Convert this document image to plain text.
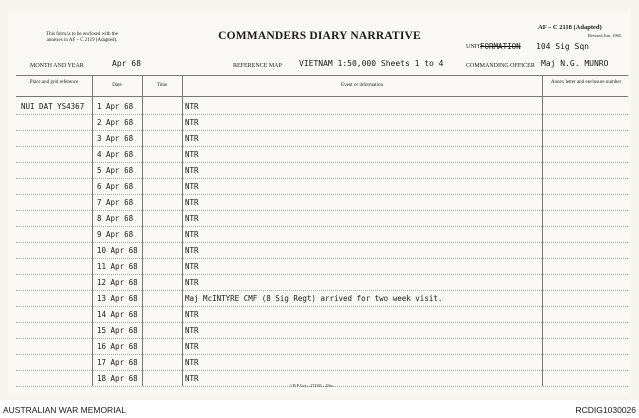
This form is to be enclosed with the
annexes in AF – C 2119 (Adapted).	COMMANDERS DIARY NARRATIVE
AF – C 2118 (Adapted)
Revised Jun, 1965
UNIT FORMATION 104 Sig Sqn
MONTH AND YEAR	Apr 68	REFERENCE MAP VIETNAM 1:50,000 Sheets 1 to 4	COMMANDING OFFICER Maj N.G. MUNRO
Place and grid reference
Date	Time	Event or information
Annex letter and enclosure number
NUI DAT YS4367 1 Apr 68	NTR
2 Apr 68	NTR
3 Apr 68	NTR
4 Apr 68	NTR
5 Apr 68	NTR
6 Apr 68	NTR
7 Apr 68	NTR
8 Apr 68	NTR
9 Apr 68	NTR
10 Apr 68	NTR
11 Apr 68	NTR
12 Apr 68	NTR
13 Apr 68	Maj McINTYRE CMF (8 Sig Regt) arrived for two week visit.
14 Apr 68	NTR
15 Apr 68	NTR
16 Apr 68	NTR
17 Apr 68	NTR
18 Apr 68	NTR
1 B P Coy—271/65—25m
AUSTRALIAN WAR MEMORIAL	RCDIG1030026
